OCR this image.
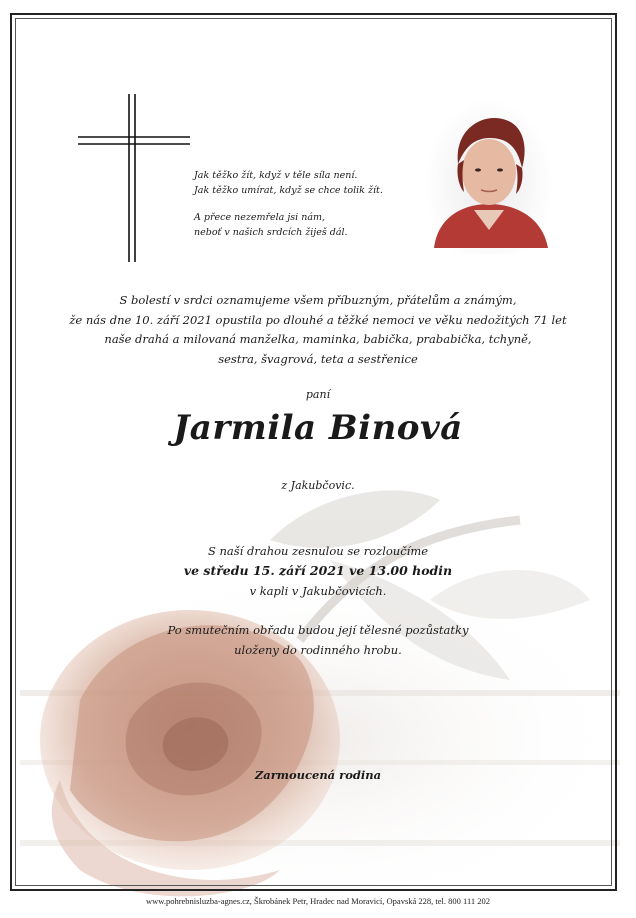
Jak těžko žít, když v těle síla není.
Jak těžko umírat, když se chce tolik žít.
A přece nezemřela jsi nám,
neboť v našich srdcích žiješ dál.
S bolestí v srdci oznamujeme všem příbuzným, přátelům a známým,
že nás dne 10. září 2021 opustila po dlouhé a těžké nemoci ve věku nedožitých 71 let
naše drahá a milovaná manželka, maminka, babička, prababička, tchyně,
sestra, švagrová, teta a sestřenice
paní
Jarmila Binová
z Jakubčovic.
S naší drahou zesnulou se rozloučíme
ve středu 15. září 2021 ve 13.00 hodin
v kapli v Jakubčovicích.
Po smutečním obřadu budou její tělesné pozůstatky
uloženy do rodinného hrobu.
Zarmoucená rodina
www.pohrebnisluzba-agnes.cz, Škrobánek Petr, Hradec nad Moravicí, Opavská 228, tel. 800 111 202
